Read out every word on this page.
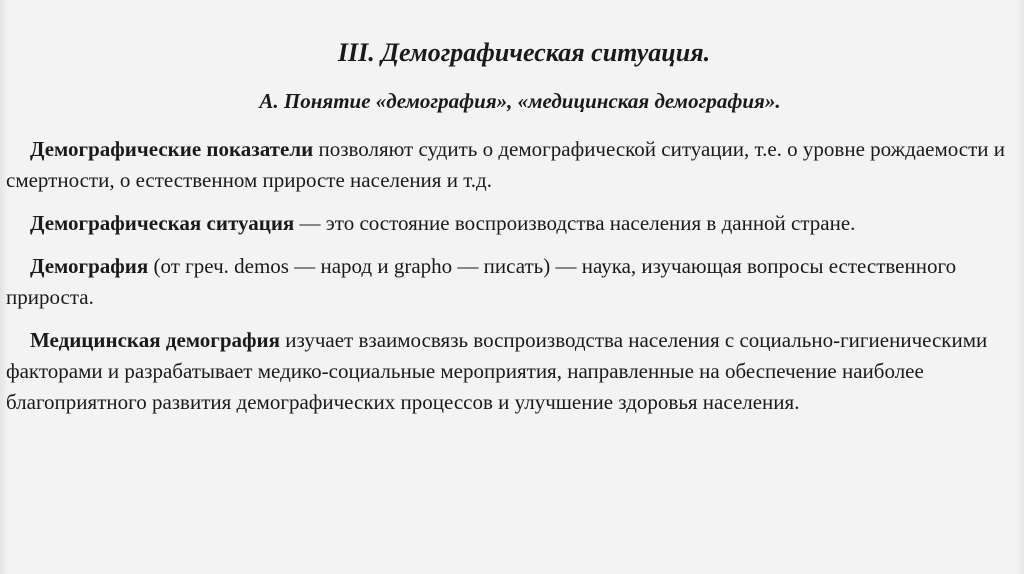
III. Демографическая ситуация.
А. Понятие «демография», «медицинская демография».

Демографические показатели позволяют судить о демографической ситуации, т.е. о уровне рождаемости и смертности, о естественном приросте населения и т.д.

Демографическая ситуация — это состояние воспроизводства населения в данной стране.

Демография (от греч. demos — народ и grapho — писать) — наука, изучающая вопросы естественного прироста.

Медицинская демография изучает взаимосвязь воспроизводства населения с социально-гигиеническими факторами и разрабатывает медико-социальные мероприятия, направленные на обеспечение наиболее благоприятного развития демографических процессов и улучшение здоровья населения.
